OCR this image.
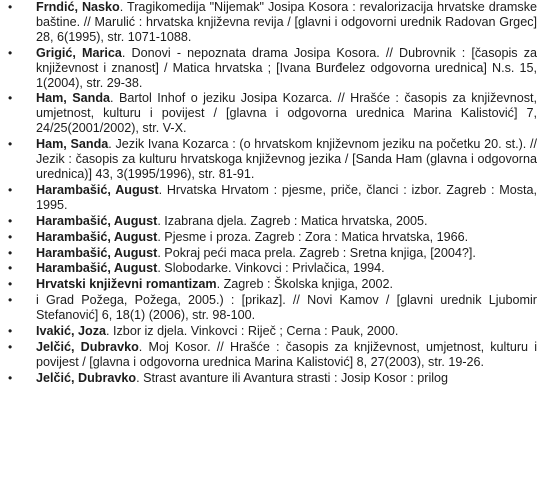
• Frndić, Nasko. Tragikomedija "Nijemak" Josipa Kosora : revalorizacija hrvatske dramske baštine. // Marulić : hrvatska književna revija / [glavni i odgovorni urednik Radovan Grgec] 28, 6(1995), str. 1071-1088.
• Grigić, Marica. Donovi - nepoznata drama Josipa Kosora. // Dubrovnik : [časopis za književnost i znanost] / Matica hrvatska ; [Ivana Burđelez odgovorna urednica] N.s. 15, 1(2004), str. 29-38.
• Ham, Sanda. Bartol Inhof o jeziku Josipa Kozarca. // Hrašće : časopis za književnost, umjetnost, kulturu i povijest / [glavna i odgovorna urednica Marina Kalistović] 7, 24/25(2001/2002), str. V-X.
• Ham, Sanda. Jezik Ivana Kozarca : (o hrvatskom književnom jeziku na početku 20. st.). // Jezik : časopis za kulturu hrvatskoga književnog jezika / [Sanda Ham (glavna i odgovorna urednica)] 43, 3(1995/1996), str. 81-91.
• Harambašić, August. Hrvatska Hrvatom : pjesme, priče, članci : izbor. Zagreb : Mosta, 1995.
• Harambašić, August. Izabrana djela. Zagreb : Matica hrvatska, 2005.
• Harambašić, August. Pjesme i proza. Zagreb : Zora : Matica hrvatska, 1966.
• Harambašić, August. Pokraj peći maca prela. Zagreb : Sretna knjiga, [2004?].
• Harambašić, August. Slobodarke. Vinkovci : Privlačica, 1994.
• Hrvatski književni romantizam. Zagreb : Školska knjiga, 2002.
• i Grad Požega, Požega, 2005.) : [prikaz]. // Novi Kamov / [glavni urednik Ljubomir Stefanović] 6, 18(1) (2006), str. 98-100.
• Ivakić, Joza. Izbor iz djela. Vinkovci : Riječ ; Cerna : Pauk, 2000.
• Jelčić, Dubravko. Moj Kosor. // Hrašće : časopis za književnost, umjetnost, kulturu i povijest / [glavna i odgovorna urednica Marina Kalistović] 8, 27(2003), str. 19-26.
• Jelčić, Dubravko. Strast avanture ili Avantura strasti : Josip Kosor : prilog
